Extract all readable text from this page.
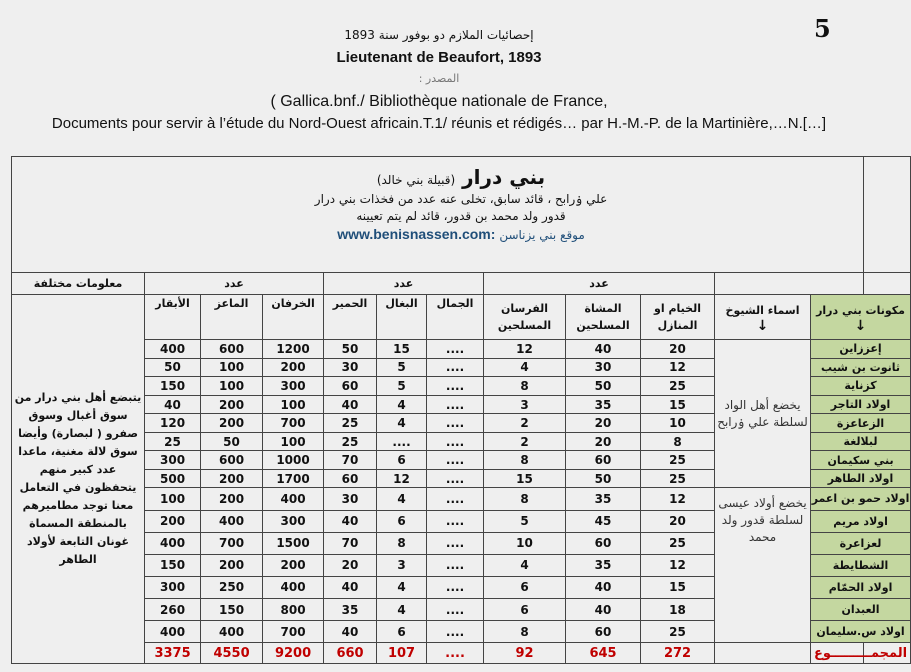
5
إحصائيات الملازم دو بوفور سنة 1893
Lieutenant de Beaufort, 1893
المصدر :
( Gallica.bnf./ Bibliothèque nationale de France,
Documents pour servir à l’étude du Nord-Ouest africain.T.1/ réunis et rédigés… par H.-M.-P. de la Martinière,…N.[…]
بني درار (قبيلة بني خالد)
علي ۏرابح ، قائد سابق، تخلى عنه عدد من فخذات بني درار
قدور ولد محمد بن قدور، قائد لم يتم تعيينه
موقع بني يزناسن www.benisnassen.com:											

		عدد			عدد			عدد			معلومات مختلفة
مكونات بني درار
↓	اسماء الشيوخ
↓	الخيام او المنازل	المشاة المسلحين	الفرسان المسلحين	الجمال	البغال	الحمير	الخرفان	الماعز	الأبقار	يتبضع أهل بني درار من سوق أغبال وسوق صفرو ( لبصارة) وأيضا سوق لالة مغنية، ماعدا عدد كبير منهم يتحفظون في التعامل معنا توجد مطاميرهم بالمنطقة المسماة غونان التابعة لأولاد الطاهر
إعززاين	يخضع أهل الواد لسلطة علي ۏرابح	20	40	12	....	15	50	1200	600	400	
ثانوت بن شيب		12	30	4	....	5	30	200	100	50	
كزناية		25	50	8	....	5	60	300	100	150	
اولاد التاجر		15	35	3	....	4	40	100	200	40	
الزعاعزة		10	20	2	....	4	25	700	200	120	
لبلالغة		8	20	2	....	....	25	100	50	25	
بني سكيمان		25	60	8	....	6	70	1000	600	300	
اولاد الطاهر		25	50	15	....	12	60	1700	200	500	
اولاد حمو بن اعمر	يخضع أولاد عيسى لسلطة قدور ولد محمد	12	35	8	....	4	30	400	200	100	
اولاد مريم		20	45	5	....	6	40	300	400	200	
لعزاعرة		25	60	10	....	8	70	1500	700	400	
الشطايطة		12	35	4	....	3	20	200	200	150	
اولاد الحمّام		15	40	6	....	4	40	400	250	300	
العبدان		18	40	6	....	4	35	800	150	260	
اولاد س.سليمان		25	60	8	....	6	40	700	400	400	
المجمـــــــــوع		272	645	92	....	107	660	9200	4550	3375	
